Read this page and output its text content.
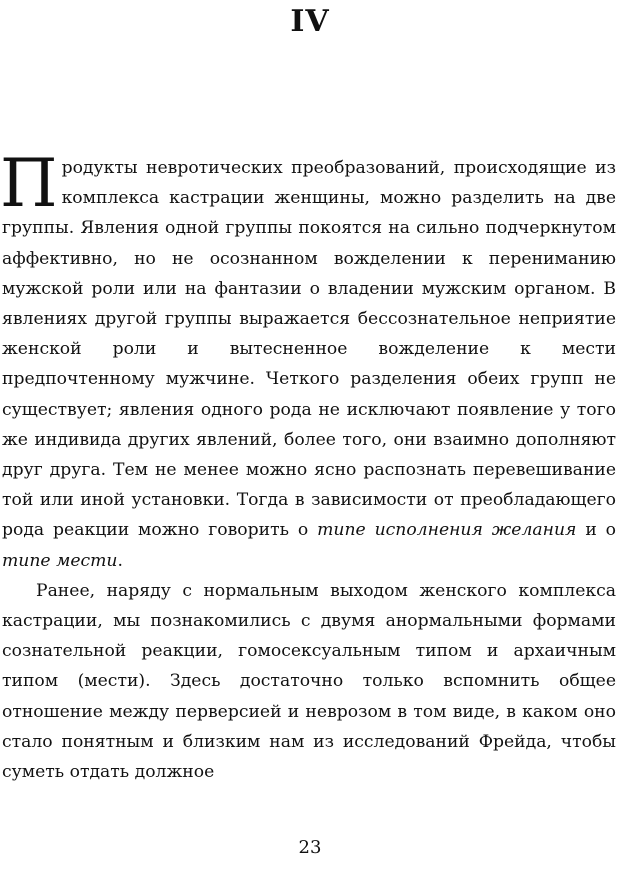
IV

Продукты невротических преобразований, происходящие из комплекса кастрации женщины, можно разделить на две группы. Явления одной группы покоятся на сильно подчеркнутом аффективно, но не осознанном вожделении к перениманию мужской роли или на фантазии о владении мужским органом. В явлениях другой группы выражается бессознательное неприятие женской роли и вытесненное вожделение к мести предпочтенному мужчине. Четкого разделения обеих групп не существует; явления одного рода не исключают появление у того же индивида других явлений, более того, они взаимно дополняют друг друга. Тем не менее можно ясно распознать перевешивание той или иной установки. Тогда в зависимости от преобладающего рода реакции можно говорить о типе исполнения желания и о типе мести.

Ранее, наряду с нормальным выходом женского комплекса кастрации, мы познакомились с двумя анормальными формами сознательной реакции, гомосексуальным типом и архаичным типом (мести). Здесь достаточно только вспомнить общее отношение между перверсией и неврозом в том виде, в каком оно стало понятным и близким нам из исследований Фрейда, чтобы суметь отдать должное

23
